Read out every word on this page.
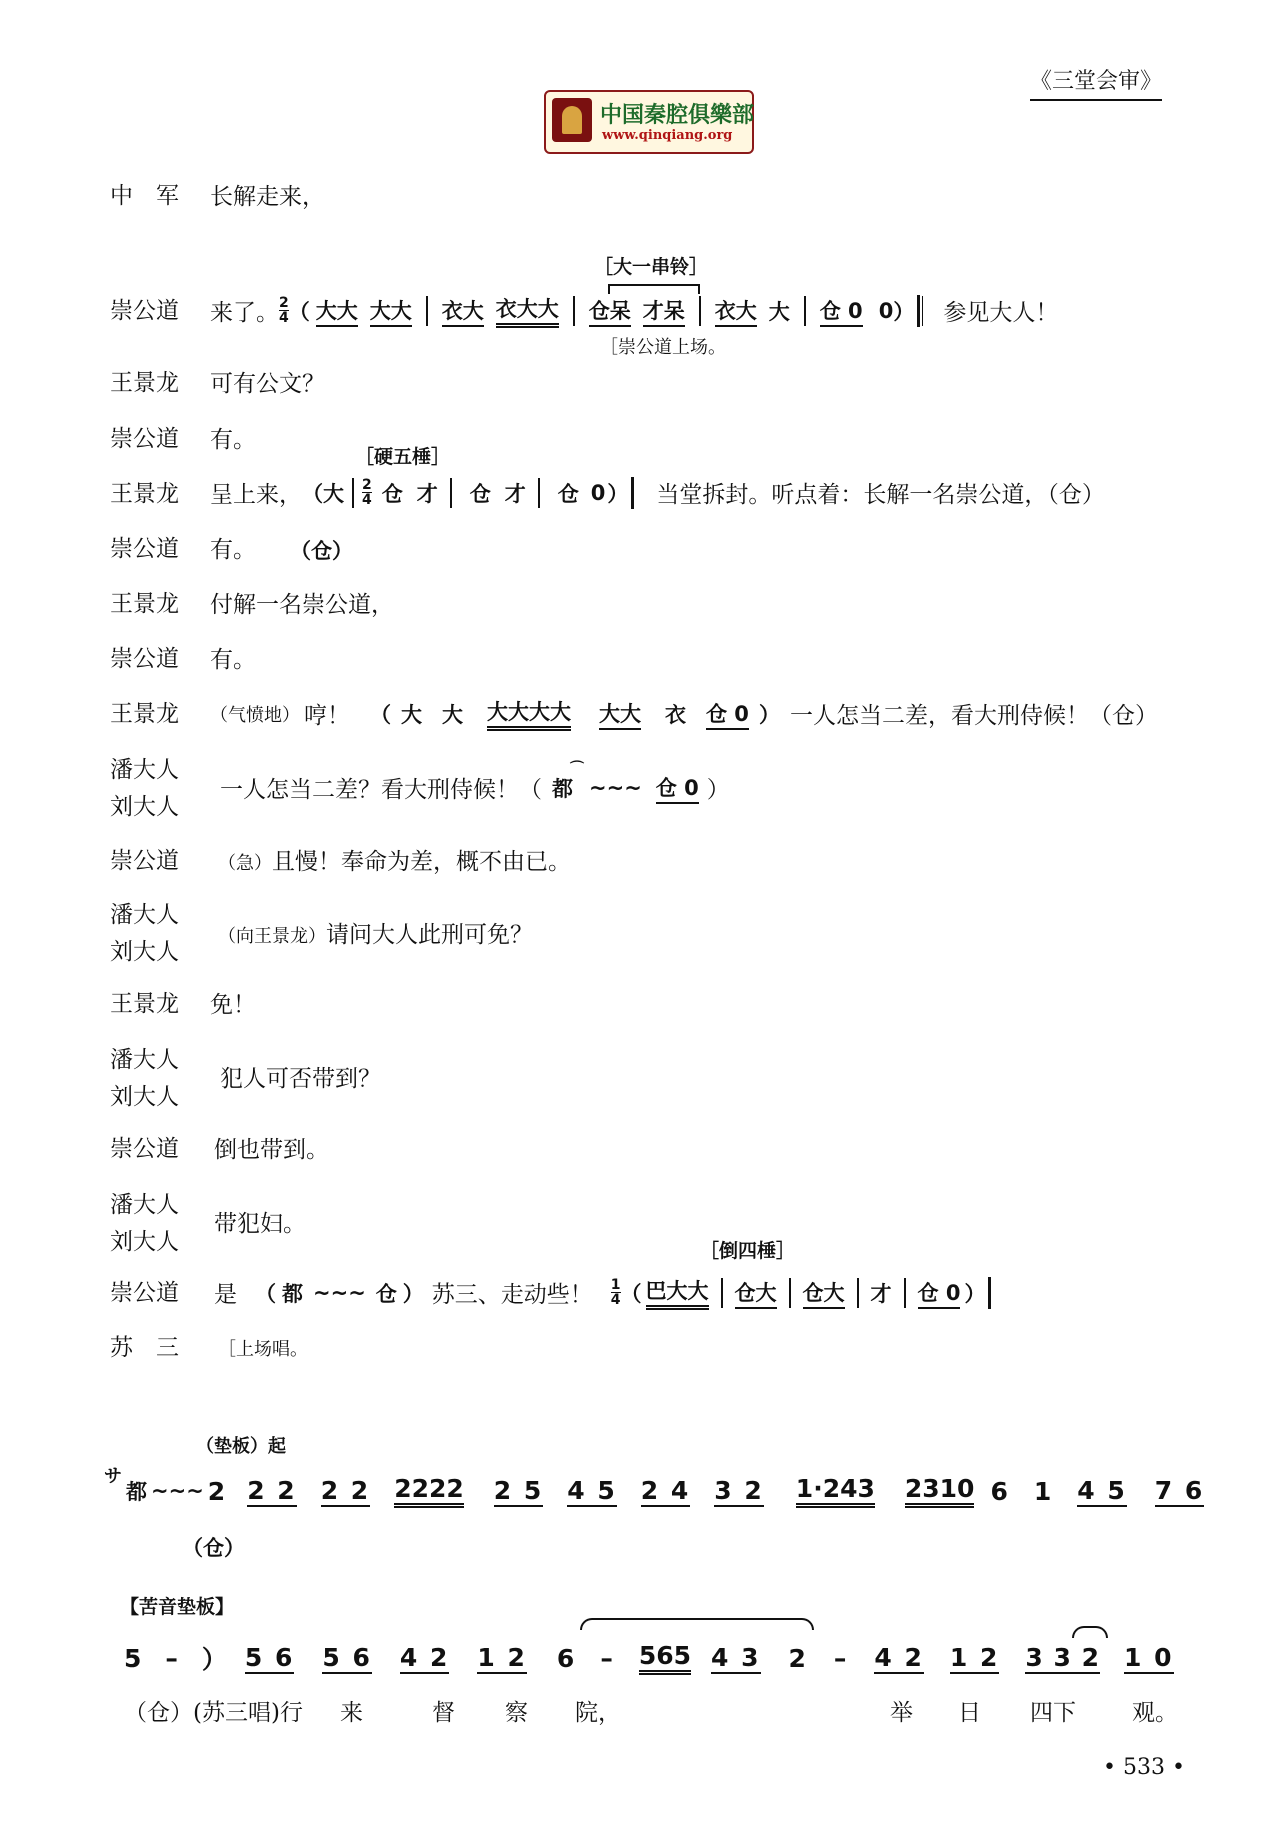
《三堂会审》
中国秦腔俱樂部
www.qinqiang.org
中　军 长解走来，
［大一串铃］
崇公道 来了。 $\frac{2}{4}$ （ 大大 大大 衣大 衣大大 仓呆 才呆 衣大 大 仓 0 0 ） 参见大人！
［崇公道上场。
王景龙 可有公文？
崇公道 有。
［硬五棰］
王景龙 呈上来， （ 大 $\frac{2}{4}$ 仓 才 仓 才 仓 0 ） 当堂拆封。听点着：长解一名崇公道，（仓）
崇公道 有。 （仓）
王景龙 付解一名崇公道，
崇公道 有。
王景龙 （气愤地） 哼！ （ 大 大 大大大大 大大 衣 仓 0 ） 一人怎当二差，看大刑侍候！（仓）
潘大人
刘大人
一人怎当二差？看大刑侍候！（ 都 ~~~ 仓 0 ）
⌒
崇公道 （急）且慢！奉命为差，概不由已。
潘大人
刘大人
（向王景龙）请问大人此刑可免？
王景龙 免！
潘大人
刘大人
犯人可否带到？
崇公道 倒也带到。
潘大人
刘大人
带犯妇。
［倒四棰］
崇公道 是 （ 都 ~~~ 仓 ） 苏三、走动些！ $\frac{1}{4}$ （ 巴大大 仓大 仓大 才 仓 0 ）
苏　三 ［上场唱。
（垫板）起
サ
都 ~~~ 2 2 2 2 2 2222 2 5 4 5 2 4 3 2 1·243 2310 6 1 4 5 7 6
（仓）
【苦音垫板】
5 – ） 5 6 5 6 4 2 1 2 6 – 565 4 3 2 – 4 2 1 2 3 3 2 1 0
（仓）(苏三唱)行 来	督 察 院，	举 日 四下 观。
• 533 •
